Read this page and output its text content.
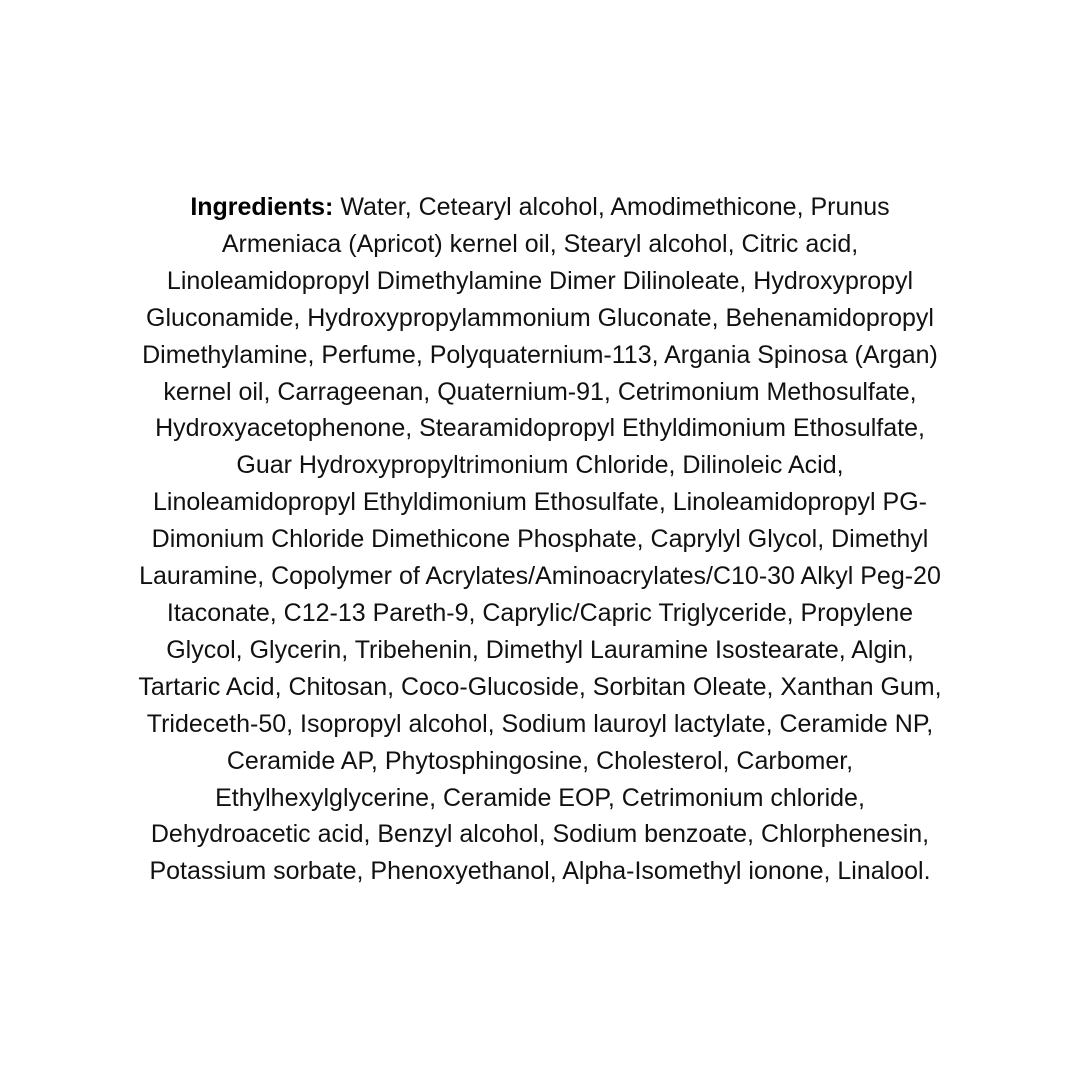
Ingredients: Water, Cetearyl alcohol, Amodimethicone, Prunus
Armeniaca (Apricot) kernel oil, Stearyl alcohol, Citric acid,
Linoleamidopropyl Dimethylamine Dimer Dilinoleate, Hydroxypropyl
Gluconamide, Hydroxypropylammonium Gluconate, Behenamidopropyl
Dimethylamine, Perfume, Polyquaternium-113, Argania Spinosa (Argan)
kernel oil, Carrageenan, Quaternium-91, Cetrimonium Methosulfate,
Hydroxyacetophenone, Stearamidopropyl Ethyldimonium Ethosulfate,
Guar Hydroxypropyltrimonium Chloride, Dilinoleic Acid,
Linoleamidopropyl Ethyldimonium Ethosulfate, Linoleamidopropyl PG-
Dimonium Chloride Dimethicone Phosphate, Caprylyl Glycol, Dimethyl
Lauramine, Copolymer of Acrylates/Aminoacrylates/C10-30 Alkyl Peg-20
Itaconate, C12-13 Pareth-9, Caprylic/Capric Triglyceride, Propylene
Glycol, Glycerin, Tribehenin, Dimethyl Lauramine Isostearate, Algin,
Tartaric Acid, Chitosan, Coco-Glucoside, Sorbitan Oleate, Xanthan Gum,
Trideceth-50, Isopropyl alcohol, Sodium lauroyl lactylate, Ceramide NP,
Ceramide AP, Phytosphingosine, Cholesterol, Carbomer,
Ethylhexylglycerine, Ceramide EOP, Cetrimonium chloride,
Dehydroacetic acid, Benzyl alcohol, Sodium benzoate, Chlorphenesin,
Potassium sorbate, Phenoxyethanol, Alpha-Isomethyl ionone, Linalool.
